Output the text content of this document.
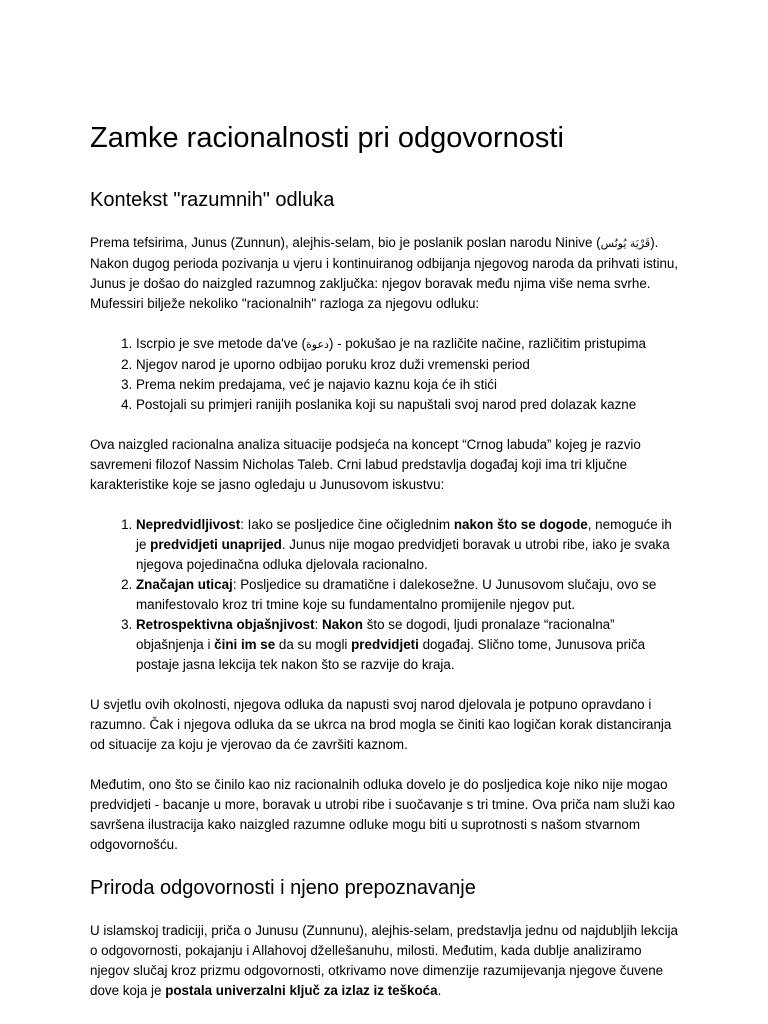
Zamke racionalnosti pri odgovornosti
Kontekst "razumnih" odluka

Prema tefsirima, Junus (Zunnun), alejhis-selam, bio je poslanik poslan narodu Ninive (قَرْيَة يُونُس). Nakon dugog perioda pozivanja u vjeru i kontinuiranog odbijanja njegovog naroda da prihvati istinu, Junus je došao do naizgled razumnog zaključka: njegov boravak među njima više nema svrhe. Mufessiri bilježe nekoliko "racionalnih" razloga za njegovu odluku:

1. Iscrpio je sve metode da've (دعوة) - pokušao je na različite načine, različitim pristupima
2. Njegov narod je uporno odbijao poruku kroz duži vremenski period
3. Prema nekim predajama, već je najavio kaznu koja će ih stići
4. Postojali su primjeri ranijih poslanika koji su napuštali svoj narod pred dolazak kazne

Ova naizgled racionalna analiza situacije podsjeća na koncept “Crnog labuda” kojeg je razvio savremeni filozof Nassim Nicholas Taleb. Crni labud predstavlja događaj koji ima tri ključne karakteristike koje se jasno ogledaju u Junusovom iskustvu:

1. Nepredvidljivost: Iako se posljedice čine očiglednim nakon što se dogode, nemoguće ih je predvidjeti unaprijed. Junus nije mogao predvidjeti boravak u utrobi ribe, iako je svaka njegova pojedinačna odluka djelovala racionalno.
2. Značajan uticaj: Posljedice su dramatične i dalekosežne. U Junusovom slučaju, ovo se manifestovalo kroz tri tmine koje su fundamentalno promijenile njegov put.
3. Retrospektivna objašnjivost: Nakon što se dogodi, ljudi pronalaze “racionalna” objašnjenja i čini im se da su mogli predvidjeti događaj. Slično tome, Junusova priča postaje jasna lekcija tek nakon što se razvije do kraja.

U svjetlu ovih okolnosti, njegova odluka da napusti svoj narod djelovala je potpuno opravdano i razumno. Čak i njegova odluka da se ukrca na brod mogla se činiti kao logičan korak distanciranja od situacije za koju je vjerovao da će završiti kaznom.

Međutim, ono što se činilo kao niz racionalnih odluka dovelo je do posljedica koje niko nije mogao predvidjeti - bacanje u more, boravak u utrobi ribe i suočavanje s tri tmine. Ova priča nam služi kao savršena ilustracija kako naizgled razumne odluke mogu biti u suprotnosti s našom stvarnom odgovornošću.

Priroda odgovornosti i njeno prepoznavanje

U islamskoj tradiciji, priča o Junusu (Zunnunu), alejhis-selam, predstavlja jednu od najdubljih lekcija o odgovornosti, pokajanju i Allahovoj džellešanuhu, milosti. Međutim, kada dublje analiziramo njegov slučaj kroz prizmu odgovornosti, otkrivamo nove dimenzije razumijevanja njegove čuvene dove koja je postala univerzalni ključ za izlaz iz teškoća.
